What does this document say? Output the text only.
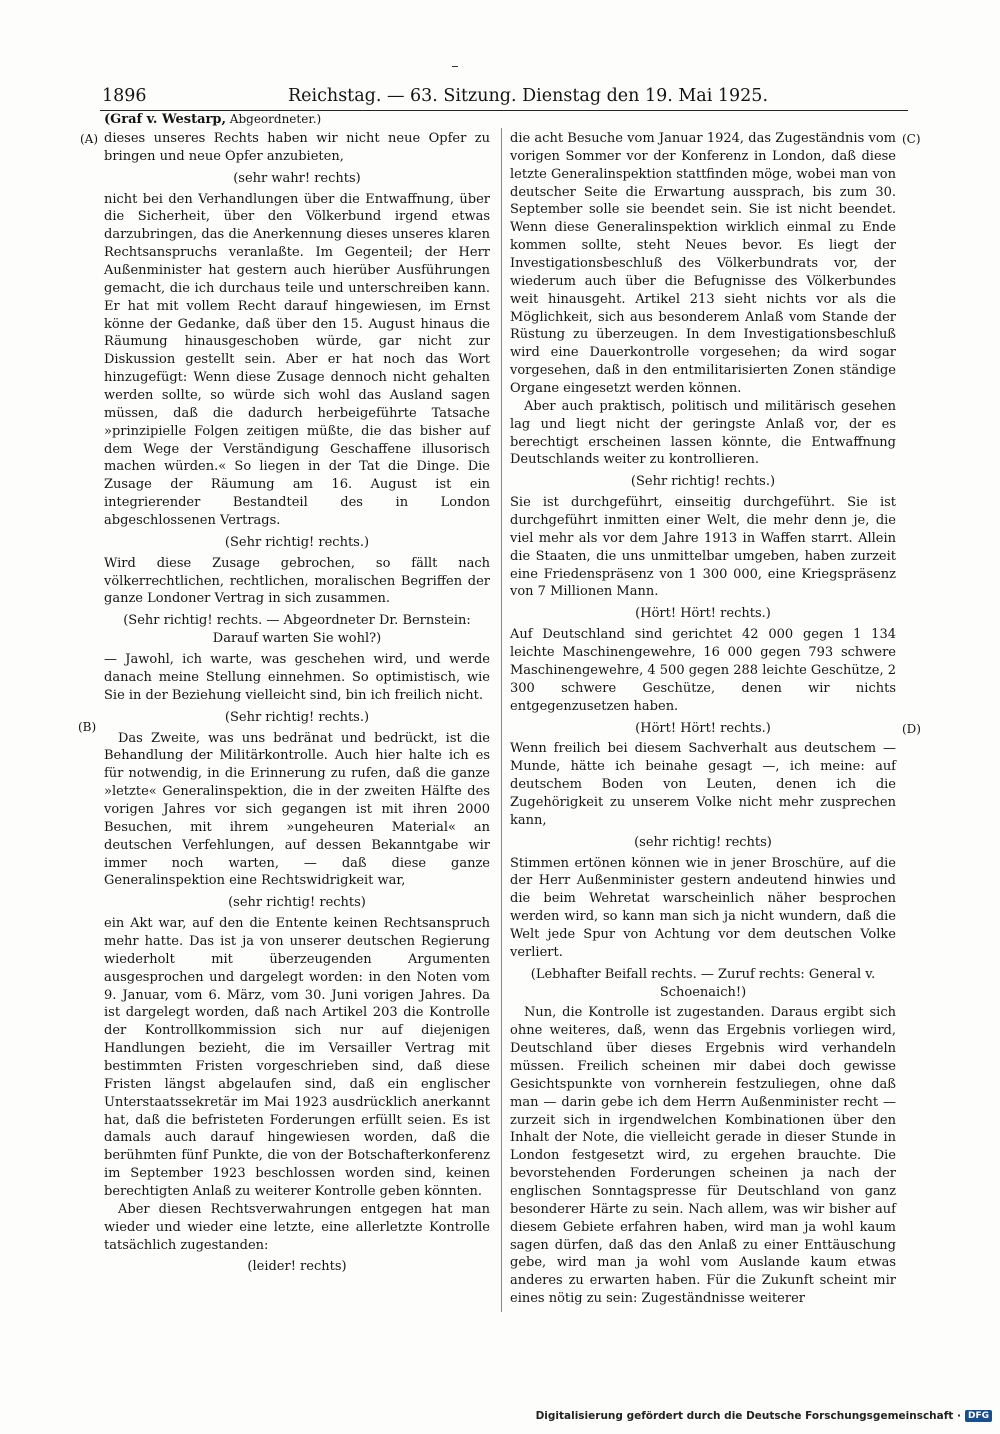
1896	Reichstag. — 63. Sitzung. Dienstag den 19. Mai 1925.
(Graf v. Westarp, Abgeordneter.)
(A)
(B)
(C)
(D)

dieses unseres Rechts haben wir nicht neue Opfer zu bringen und neue Opfer anzubieten,

(sehr wahr! rechts)

nicht bei den Verhandlungen über die Entwaffnung, über die Sicherheit, über den Völkerbund irgend etwas darzubringen, das die Anerkennung dieses unseres klaren Rechtsanspruchs veranlaßte. Im Gegenteil; der Herr Außenminister hat gestern auch hierüber Ausführungen gemacht, die ich durchaus teile und unterschreiben kann. Er hat mit vollem Recht darauf hingewiesen, im Ernst könne der Gedanke, daß über den 15. August hinaus die Räumung hinausgeschoben würde, gar nicht zur Diskussion gestellt sein. Aber er hat noch das Wort hinzugefügt: Wenn diese Zusage dennoch nicht gehalten werden sollte, so würde sich wohl das Ausland sagen müssen, daß die dadurch herbeigeführte Tatsache »prinzipielle Folgen zeitigen müßte, die das bisher auf dem Wege der Verständigung Geschaffene illusorisch machen würden.« So liegen in der Tat die Dinge. Die Zusage der Räumung am 16. August ist ein integrierender Bestandteil des in London abgeschlossenen Vertrags.

(Sehr richtig! rechts.)

Wird diese Zusage gebrochen, so fällt nach völkerrechtlichen, rechtlichen, moralischen Begriffen der ganze Londoner Vertrag in sich zusammen.

(Sehr richtig! rechts. — Abgeordneter Dr. Bernstein: Darauf warten Sie wohl?)

— Jawohl, ich warte, was geschehen wird, und werde danach meine Stellung einnehmen. So optimistisch, wie Sie in der Beziehung vielleicht sind, bin ich freilich nicht.

(Sehr richtig! rechts.)

Das Zweite, was uns bedränat und bedrückt, ist die Behandlung der Militärkontrolle. Auch hier halte ich es für notwendig, in die Erinnerung zu rufen, daß die ganze »letzte« Generalinspektion, die in der zweiten Hälfte des vorigen Jahres vor sich gegangen ist mit ihren 2000 Besuchen, mit ihrem »ungeheuren Material« an deutschen Verfehlungen, auf dessen Bekanntgabe wir immer noch warten, — daß diese ganze Generalinspektion eine Rechtswidrigkeit war,

(sehr richtig! rechts)

ein Akt war, auf den die Entente keinen Rechtsanspruch mehr hatte. Das ist ja von unserer deutschen Regierung wiederholt mit überzeugenden Argumenten ausgesprochen und dargelegt worden: in den Noten vom 9. Januar, vom 6. März, vom 30. Juni vorigen Jahres. Da ist dargelegt worden, daß nach Artikel 203 die Kontrolle der Kontrollkommission sich nur auf diejenigen Handlungen bezieht, die im Versailler Vertrag mit bestimmten Fristen vorgeschrieben sind, daß diese Fristen längst abgelaufen sind, daß ein englischer Unterstaatssekretär im Mai 1923 ausdrücklich anerkannt hat, daß die befristeten Forderungen erfüllt seien. Es ist damals auch darauf hingewiesen worden, daß die berühmten fünf Punkte, die von der Botschafterkonferenz im September 1923 beschlossen worden sind, keinen berechtigten Anlaß zu weiterer Kontrolle geben könnten.

Aber diesen Rechtsverwahrungen entgegen hat man wieder und wieder eine letzte, eine allerletzte Kontrolle tatsächlich zugestanden:

(leider! rechts)

die acht Besuche vom Januar 1924, das Zugeständnis vom vorigen Sommer vor der Konferenz in London, daß diese letzte Generalinspektion stattfinden möge, wobei man von deutscher Seite die Erwartung aussprach, bis zum 30. September solle sie beendet sein. Sie ist nicht beendet. Wenn diese Generalinspektion wirklich einmal zu Ende kommen sollte, steht Neues bevor. Es liegt der Investigationsbeschluß des Völkerbundrats vor, der wiederum auch über die Befugnisse des Völkerbundes weit hinausgeht. Artikel 213 sieht nichts vor als die Möglichkeit, sich aus besonderem Anlaß vom Stande der Rüstung zu überzeugen. In dem Investigationsbeschluß wird eine Dauerkontrolle vorgesehen; da wird sogar vorgesehen, daß in den entmilitarisierten Zonen ständige Organe eingesetzt werden können.

Aber auch praktisch, politisch und militärisch gesehen lag und liegt nicht der geringste Anlaß vor, der es berechtigt erscheinen lassen könnte, die Entwaffnung Deutschlands weiter zu kontrollieren.

(Sehr richtig! rechts.)

Sie ist durchgeführt, einseitig durchgeführt. Sie ist durchgeführt inmitten einer Welt, die mehr denn je, die viel mehr als vor dem Jahre 1913 in Waffen starrt. Allein die Staaten, die uns unmittelbar umgeben, haben zurzeit eine Friedenspräsenz von 1 300 000, eine Kriegspräsenz von 7 Millionen Mann.

(Hört! Hört! rechts.)

Auf Deutschland sind gerichtet 42 000 gegen 1 134 leichte Maschinengewehre, 16 000 gegen 793 schwere Maschinengewehre, 4 500 gegen 288 leichte Geschütze, 2 300 schwere Geschütze, denen wir nichts entgegenzusetzen haben.

(Hört! Hört! rechts.)

Wenn freilich bei diesem Sachverhalt aus deutschem — Munde, hätte ich beinahe gesagt —, ich meine: auf deutschem Boden von Leuten, denen ich die Zugehörigkeit zu unserem Volke nicht mehr zusprechen kann,

(sehr richtig! rechts)

Stimmen ertönen können wie in jener Broschüre, auf die der Herr Außenminister gestern andeutend hinwies und die beim Wehretat warscheinlich näher besprochen werden wird, so kann man sich ja nicht wundern, daß die Welt jede Spur von Achtung vor dem deutschen Volke verliert.

(Lebhafter Beifall rechts. — Zuruf rechts: General v. Schoenaich!)

Nun, die Kontrolle ist zugestanden. Daraus ergibt sich ohne weiteres, daß, wenn das Ergebnis vorliegen wird, Deutschland über dieses Ergebnis wird verhandeln müssen. Freilich scheinen mir dabei doch gewisse Gesichtspunkte von vornherein festzuliegen, ohne daß man — darin gebe ich dem Herrn Außenminister recht — zurzeit sich in irgendwelchen Kombinationen über den Inhalt der Note, die vielleicht gerade in dieser Stunde in London festgesetzt wird, zu ergehen brauchte. Die bevorstehenden Forderungen scheinen ja nach der englischen Sonntagspresse für Deutschland von ganz besonderer Härte zu sein. Nach allem, was wir bisher auf diesem Gebiete erfahren haben, wird man ja wohl kaum sagen dürfen, daß das den Anlaß zu einer Enttäuschung gebe, wird man ja wohl vom Auslande kaum etwas anderes zu erwarten haben. Für die Zukunft scheint mir eines nötig zu sein: Zugeständnisse weiterer

Digitalisierung gefördert durch die Deutsche Forschungsgemeinschaft · DFG
